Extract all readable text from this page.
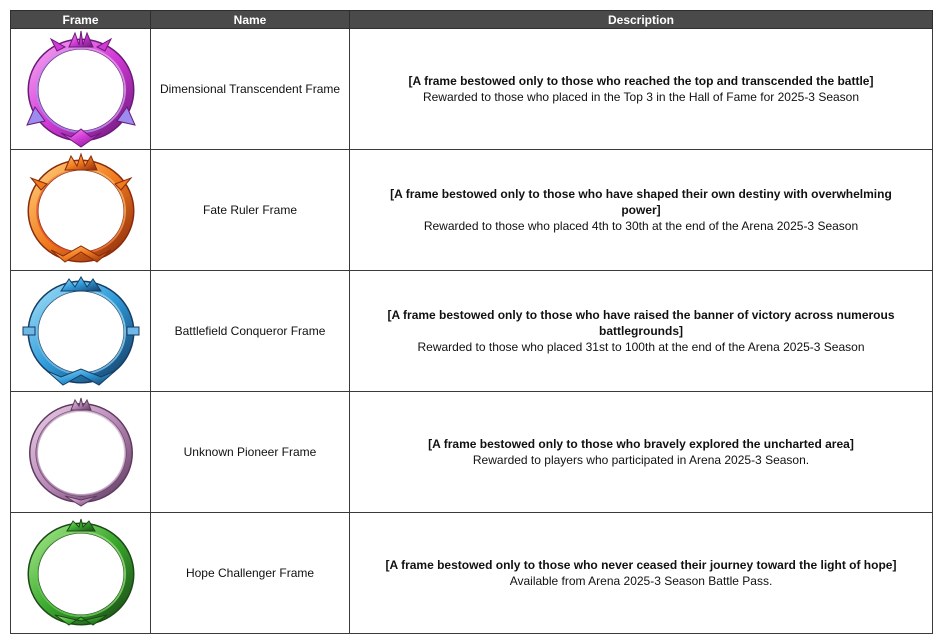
Frame	Name	Description

	Dimensional Transcendent Frame	[A frame bestowed only to those who reached the top and transcended the battle]
Rewarded to those who placed in the Top 3 in the Hall of Fame for 2025-3 Season

	Fate Ruler Frame	[A frame bestowed only to those who have shaped their own destiny with overwhelming power]
Rewarded to those who placed 4th to 30th at the end of the Arena 2025-3 Season

	Battlefield Conqueror Frame	[A frame bestowed only to those who have raised the banner of victory across numerous battlegrounds]
Rewarded to those who placed 31st to 100th at the end of the Arena 2025-3 Season

	Unknown Pioneer Frame	[A frame bestowed only to those who bravely explored the uncharted area]
Rewarded to players who participated in Arena 2025-3 Season.

	Hope Challenger Frame	[A frame bestowed only to those who never ceased their journey toward the light of hope]
Available from Arena 2025-3 Season Battle Pass.
